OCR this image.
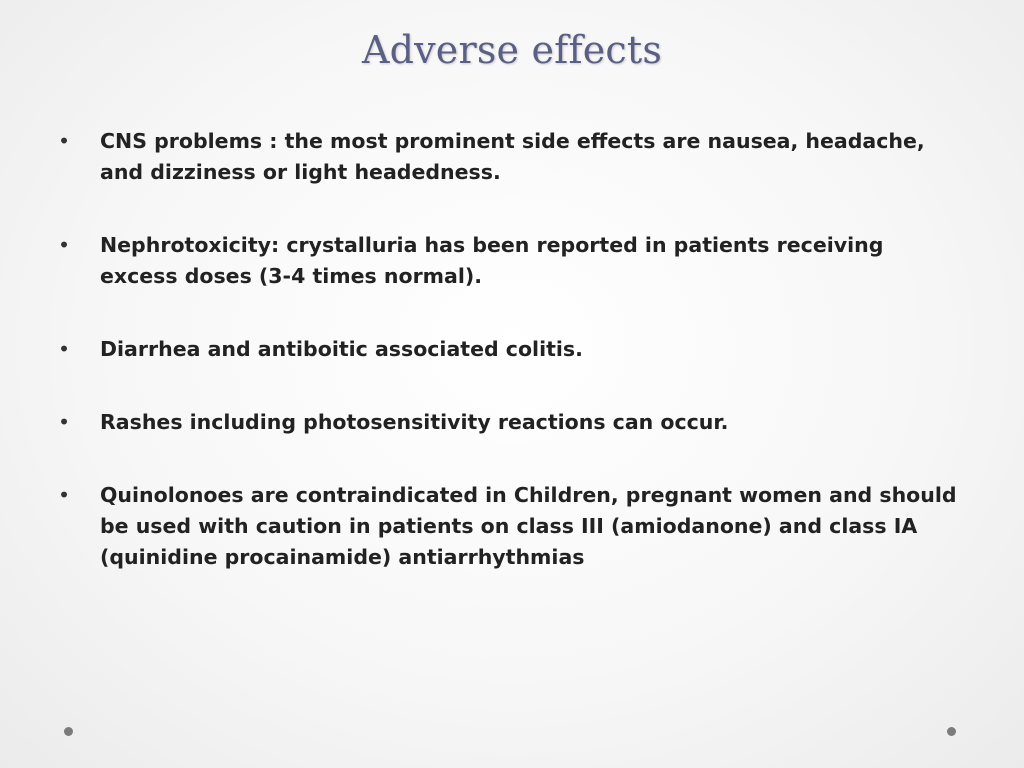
Adverse effects
•	CNS problems : the most prominent side effects are nausea, headache, and dizziness or light headedness.
•	Nephrotoxicity: crystalluria has been reported in patients receiving excess doses (3-4 times normal).
•	Diarrhea and antiboitic associated colitis.
•	Rashes including photosensitivity reactions can occur.
•	Quinolonoes are contraindicated in Children, pregnant women and should be used with caution in patients on class III (amiodanone) and class IA (quinidine procainamide) antiarrhythmias
